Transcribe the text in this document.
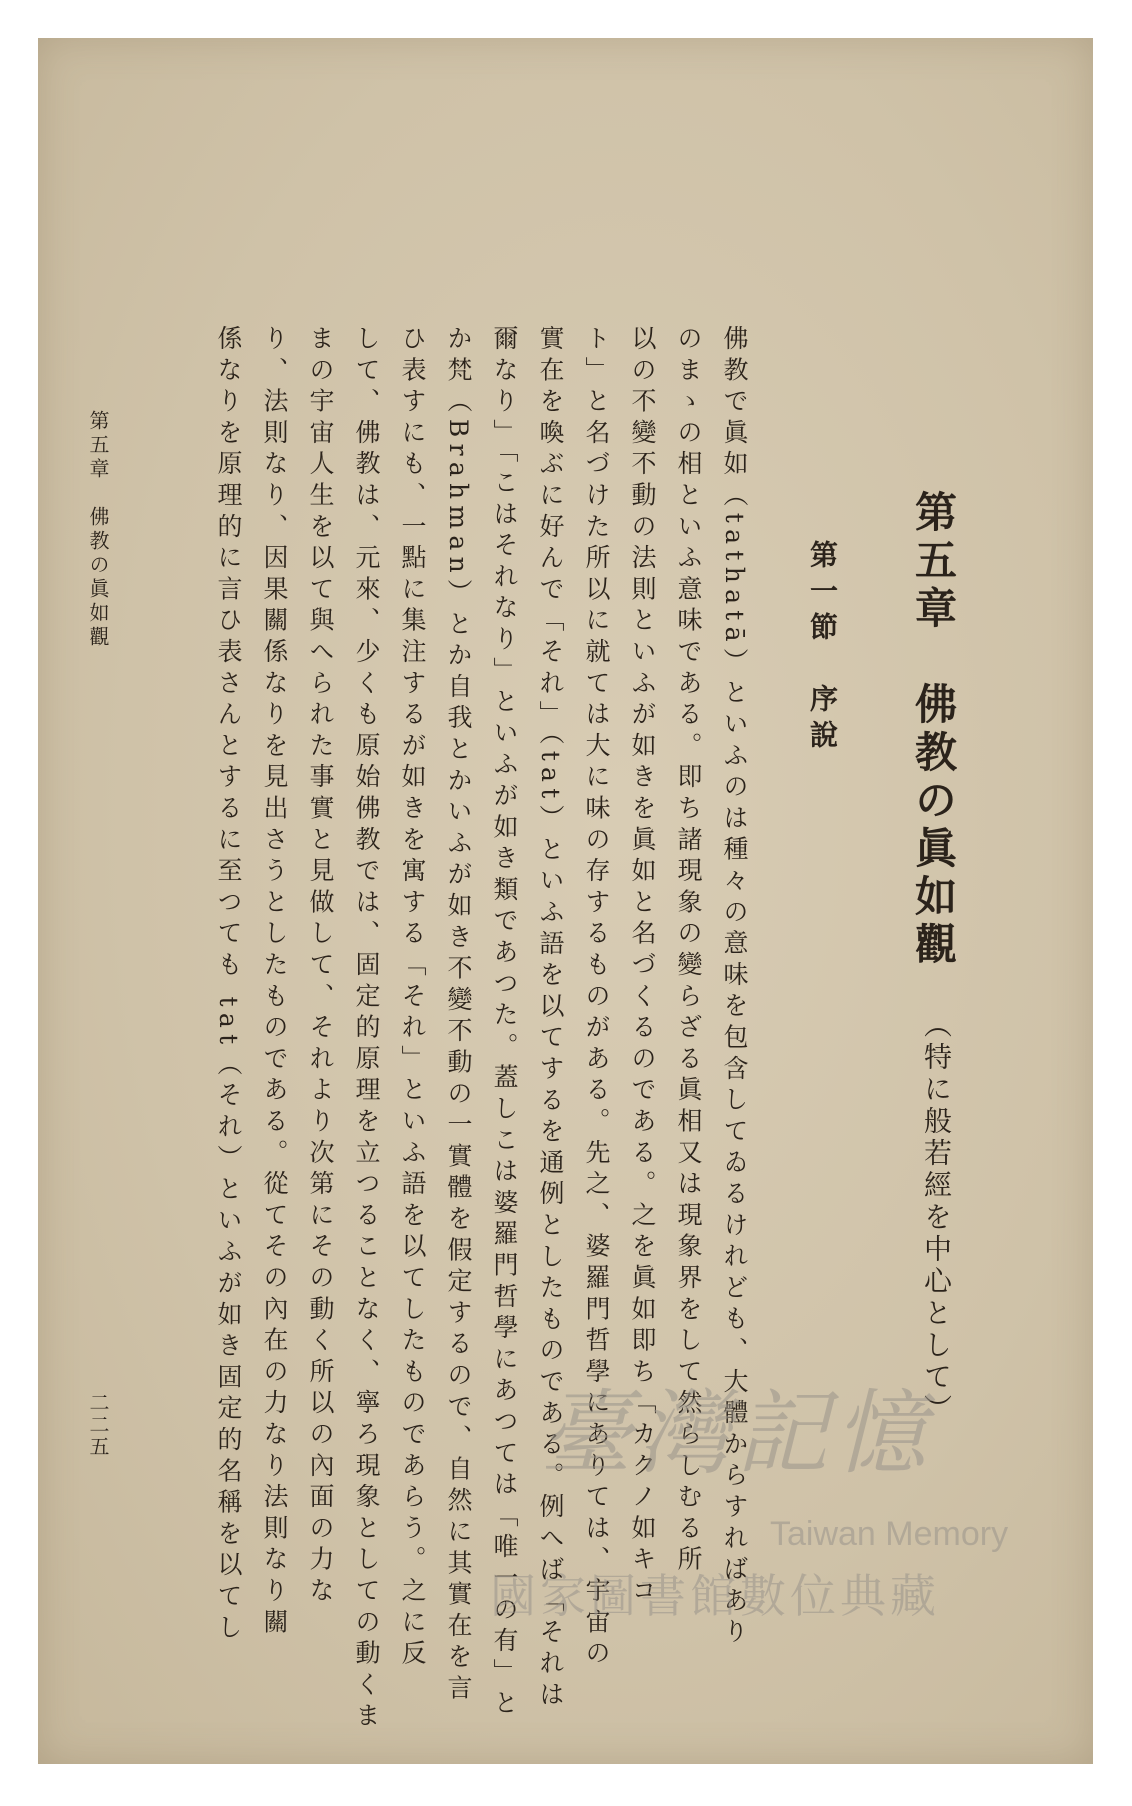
第五章　佛教の眞如觀
（特に般若經を中心として）
第一節　序說
佛教で眞如（tathatā）といふのは種々の意味を包含してゐるけれども、大體からすればあり
のまゝの相といふ意味である。即ち諸現象の變らざる眞相又は現象界をして然らしむる所
以の不變不動の法則といふが如きを眞如と名づくるのである。之を眞如即ち「カクノ如キコ
ト」と名づけた所以に就ては大に味の存するものがある。先之、婆羅門哲學にありては、宇宙の
實在を喚ぶに好んで「それ」（tat）といふ語を以てするを通例としたものである。例へば「それは
爾なり」「こはそれなり」といふが如き類であつた。蓋しこは婆羅門哲學にあつては「唯一の有」と
か梵（Brahman）とか自我とかいふが如き不變不動の一實體を假定するので、自然に其實在を言
ひ表すにも、一點に集注するが如きを寓する「それ」といふ語を以てしたものであらう。之に反
して、佛教は、元來、少くも原始佛教では、固定的原理を立つることなく、寧ろ現象としての動くま
まの宇宙人生を以て與へられた事實と見做して、それより次第にその動く所以の內面の力な
り、法則なり、因果關係なりを見出さうとしたものである。從てその內在の力なり法則なり關
係なりを原理的に言ひ表さんとするに至つても tat（それ）といふが如き固定的名稱を以てし
第五章　佛教の眞如觀
二二五	臺灣記憶
Taiwan Memory
國家圖書館數位典藏
